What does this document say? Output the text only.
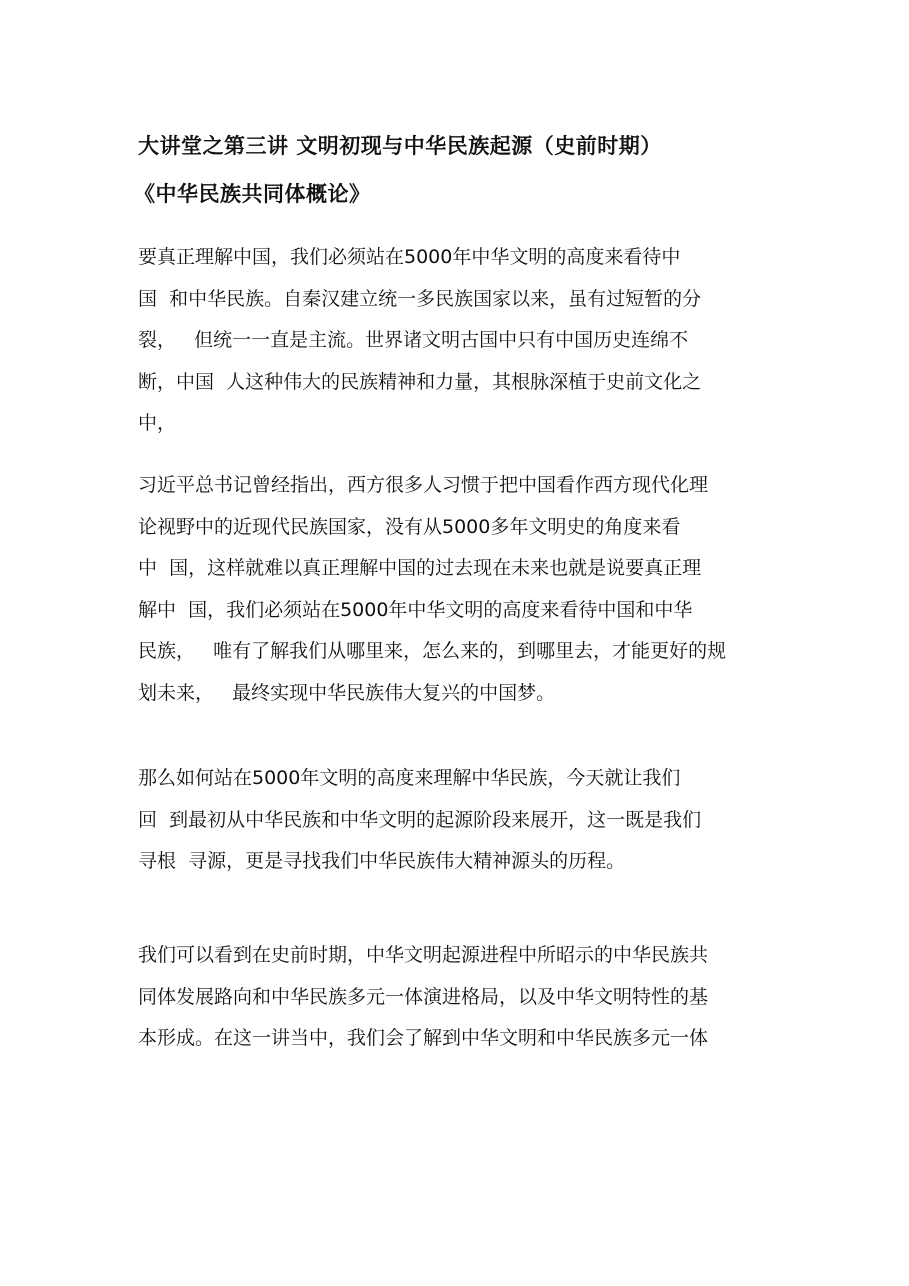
大讲堂之第三讲 文明初现与中华民族起源（史前时期）
《中华民族共同体概论》

要真正理解中国，我们必须站在5000年中华文明的高度来看待中
国  和中华民族。自秦汉建立统一多民族国家以来，虽有过短暂的分
裂，   但统一一直是主流。世界诸文明古国中只有中国历史连绵不
断，中国  人这种伟大的民族精神和力量，其根脉深植于史前文化之
中，

习近平总书记曾经指出，西方很多人习惯于把中国看作西方现代化理
论视野中的近现代民族国家，没有从5000多年文明史的角度来看
中  国，这样就难以真正理解中国的过去现在未来也就是说要真正理
解中  国，我们必须站在5000年中华文明的高度来看待中国和中华
民族，   唯有了解我们从哪里来，怎么来的，到哪里去，才能更好的规
划未来，   最终实现中华民族伟大复兴的中国梦。

那么如何站在5000年文明的高度来理解中华民族，今天就让我们
回  到最初从中华民族和中华文明的起源阶段来展开，这一既是我们
寻根  寻源，更是寻找我们中华民族伟大精神源头的历程。

我们可以看到在史前时期，中华文明起源进程中所昭示的中华民族共
同体发展路向和中华民族多元一体演进格局，以及中华文明特性的基
本形成。在这一讲当中，我们会了解到中华文明和中华民族多元一体
